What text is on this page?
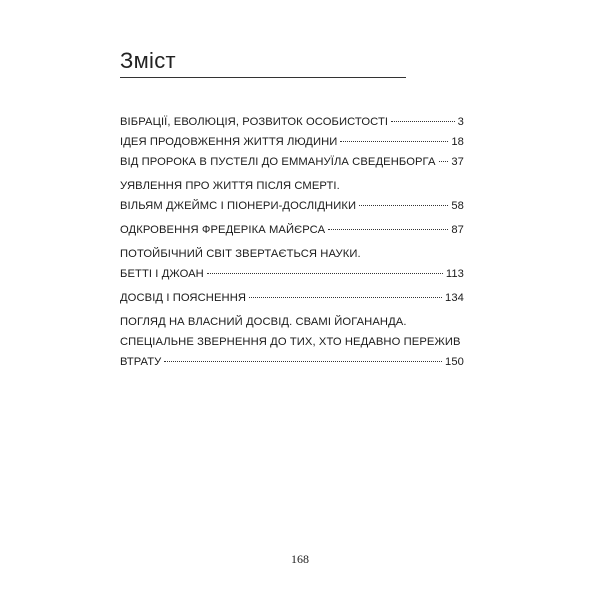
Зміст
ВІБРАЦІЇ, ЕВОЛЮЦІЯ, РОЗВИТОК ОСОБИСТОСТІ	3
ІДЕЯ ПРОДОВЖЕННЯ ЖИТТЯ ЛЮДИНИ	18
ВІД ПРОРОКА В ПУСТЕЛІ ДО ЕММАНУЇЛА СВЕДЕНБОРГА 37
УЯВЛЕННЯ ПРО ЖИТТЯ ПІСЛЯ СМЕРТІ.
ВІЛЬЯМ ДЖЕЙМС І ПІОНЕРИ-ДОСЛІДНИКИ	58
ОДКРОВЕННЯ ФРЕДЕРІКА МАЙЄРСА	87
ПОТОЙБІЧНИЙ СВІТ ЗВЕРТАЄТЬСЯ НАУКИ.
БЕТТІ І ДЖОАН	113
ДОСВІД І ПОЯСНЕННЯ	134
ПОГЛЯД НА ВЛАСНИЙ ДОСВІД. СВАМІ ЙОГАНАНДА.
СПЕЦІАЛЬНЕ ЗВЕРНЕННЯ ДО ТИХ, ХТО НЕДАВНО ПЕРЕЖИВ
ВТРАТУ	150
168
